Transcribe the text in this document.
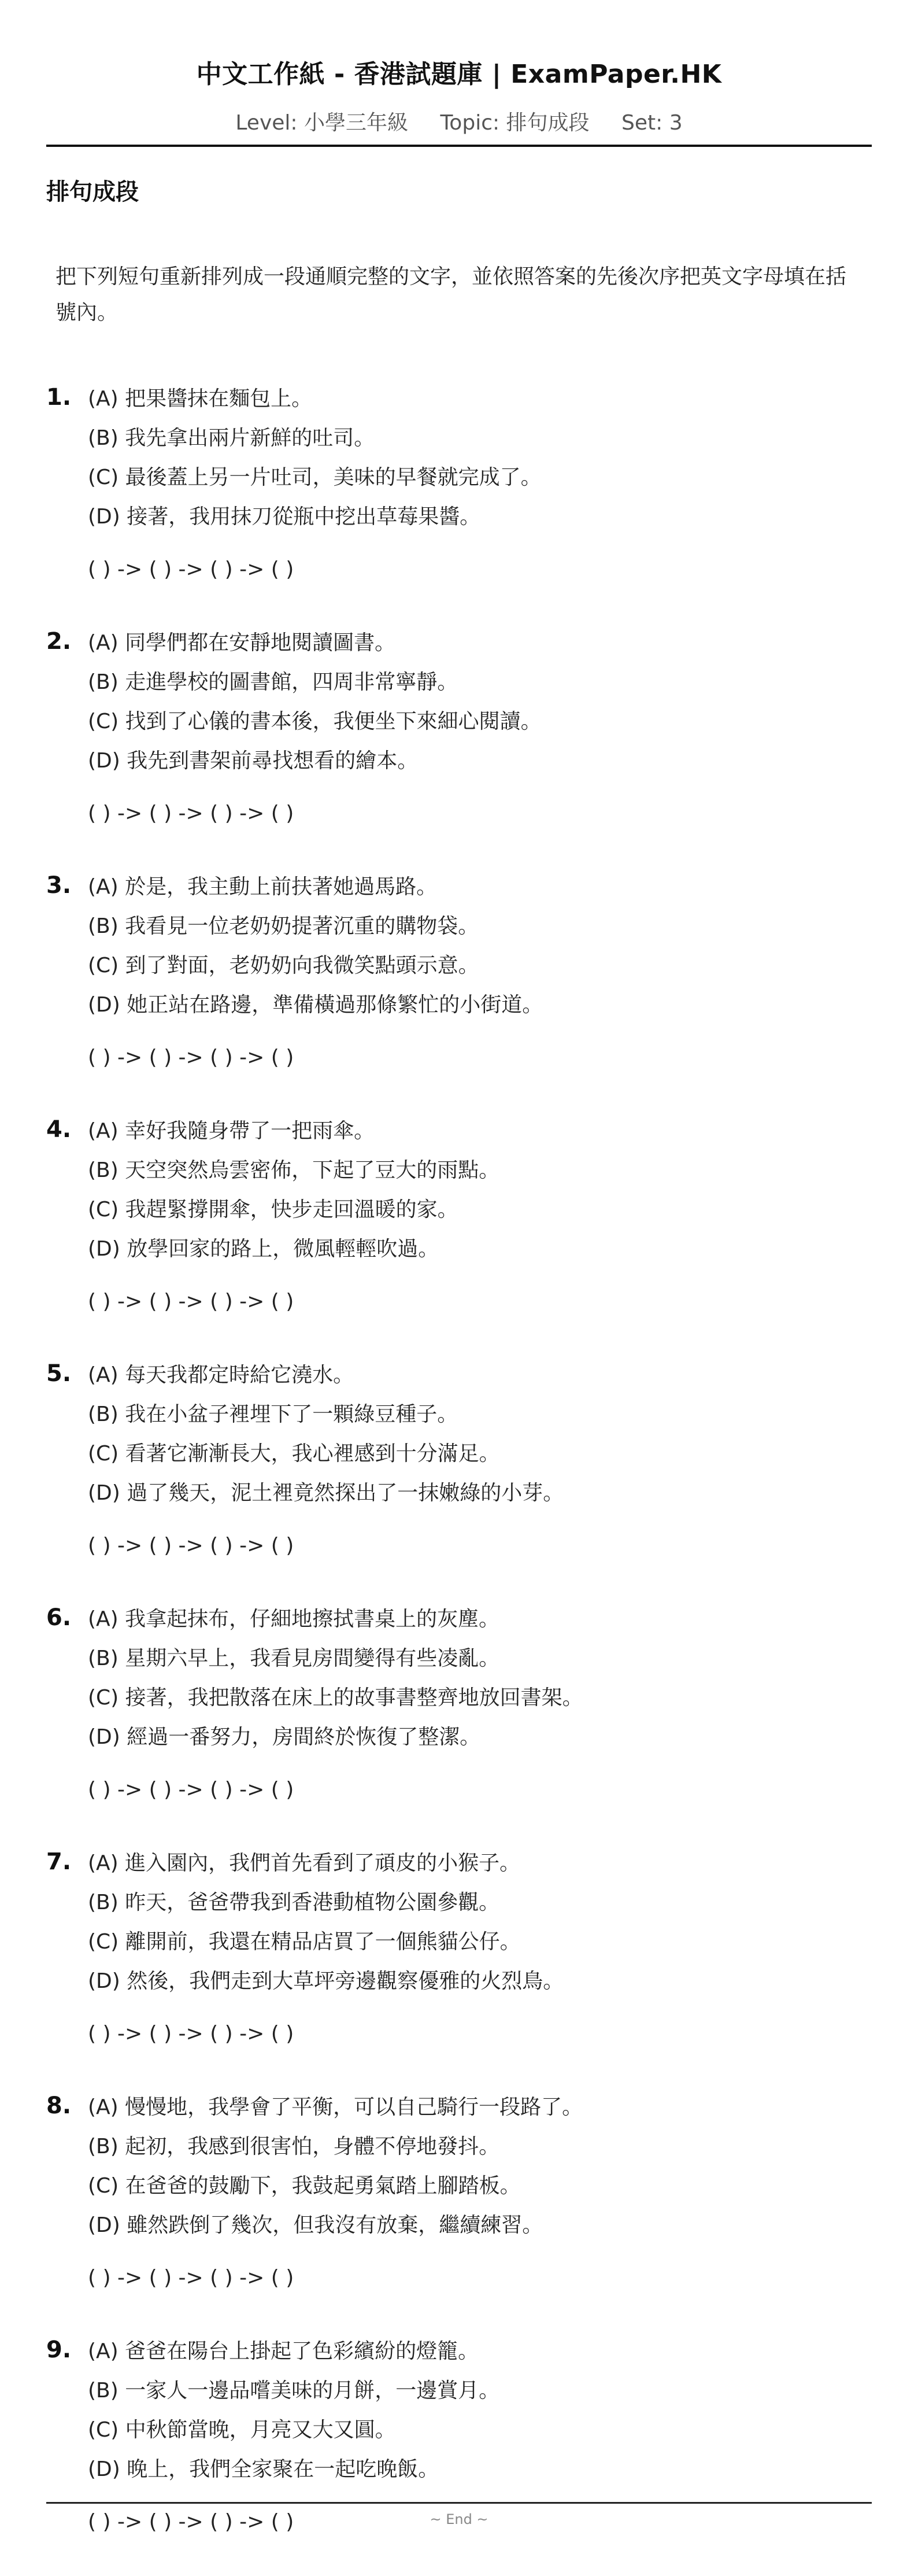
中文工作紙 - 香港試題庫 | ExamPaper.HK
Level: 小學三年級 Topic: 排句成段 Set: 3
排句成段
把下列短句重新排列成一段通順完整的文字，並依照答案的先後次序把英文字母填在括號內。
1. (A) 把果醬抹在麵包上。
(B) 我先拿出兩片新鮮的吐司。
(C) 最後蓋上另一片吐司，美味的早餐就完成了。
(D) 接著，我用抹刀從瓶中挖出草莓果醬。
( ) -> ( ) -> ( ) -> ( )
2. (A) 同學們都在安靜地閱讀圖書。
(B) 走進學校的圖書館，四周非常寧靜。
(C) 找到了心儀的書本後，我便坐下來細心閱讀。
(D) 我先到書架前尋找想看的繪本。
( ) -> ( ) -> ( ) -> ( )
3. (A) 於是，我主動上前扶著她過馬路。
(B) 我看見一位老奶奶提著沉重的購物袋。
(C) 到了對面，老奶奶向我微笑點頭示意。
(D) 她正站在路邊，準備橫過那條繁忙的小街道。
( ) -> ( ) -> ( ) -> ( )
4. (A) 幸好我隨身帶了一把雨傘。
(B) 天空突然烏雲密佈，下起了豆大的雨點。
(C) 我趕緊撐開傘，快步走回溫暖的家。
(D) 放學回家的路上，微風輕輕吹過。
( ) -> ( ) -> ( ) -> ( )
5. (A) 每天我都定時給它澆水。
(B) 我在小盆子裡埋下了一顆綠豆種子。
(C) 看著它漸漸長大，我心裡感到十分滿足。
(D) 過了幾天，泥土裡竟然探出了一抹嫩綠的小芽。
( ) -> ( ) -> ( ) -> ( )
6. (A) 我拿起抹布，仔細地擦拭書桌上的灰塵。
(B) 星期六早上，我看見房間變得有些凌亂。
(C) 接著，我把散落在床上的故事書整齊地放回書架。
(D) 經過一番努力，房間終於恢復了整潔。
( ) -> ( ) -> ( ) -> ( )
7. (A) 進入園內，我們首先看到了頑皮的小猴子。
(B) 昨天，爸爸帶我到香港動植物公園參觀。
(C) 離開前，我還在精品店買了一個熊貓公仔。
(D) 然後，我們走到大草坪旁邊觀察優雅的火烈鳥。
( ) -> ( ) -> ( ) -> ( )
8. (A) 慢慢地，我學會了平衡，可以自己騎行一段路了。
(B) 起初，我感到很害怕，身體不停地發抖。
(C) 在爸爸的鼓勵下，我鼓起勇氣踏上腳踏板。
(D) 雖然跌倒了幾次，但我沒有放棄，繼續練習。
( ) -> ( ) -> ( ) -> ( )
9. (A) 爸爸在陽台上掛起了色彩繽紛的燈籠。
(B) 一家人一邊品嚐美味的月餅，一邊賞月。
(C) 中秋節當晚，月亮又大又圓。
(D) 晚上，我們全家聚在一起吃晚飯。
( ) -> ( ) -> ( ) -> ( )	~ End ~
